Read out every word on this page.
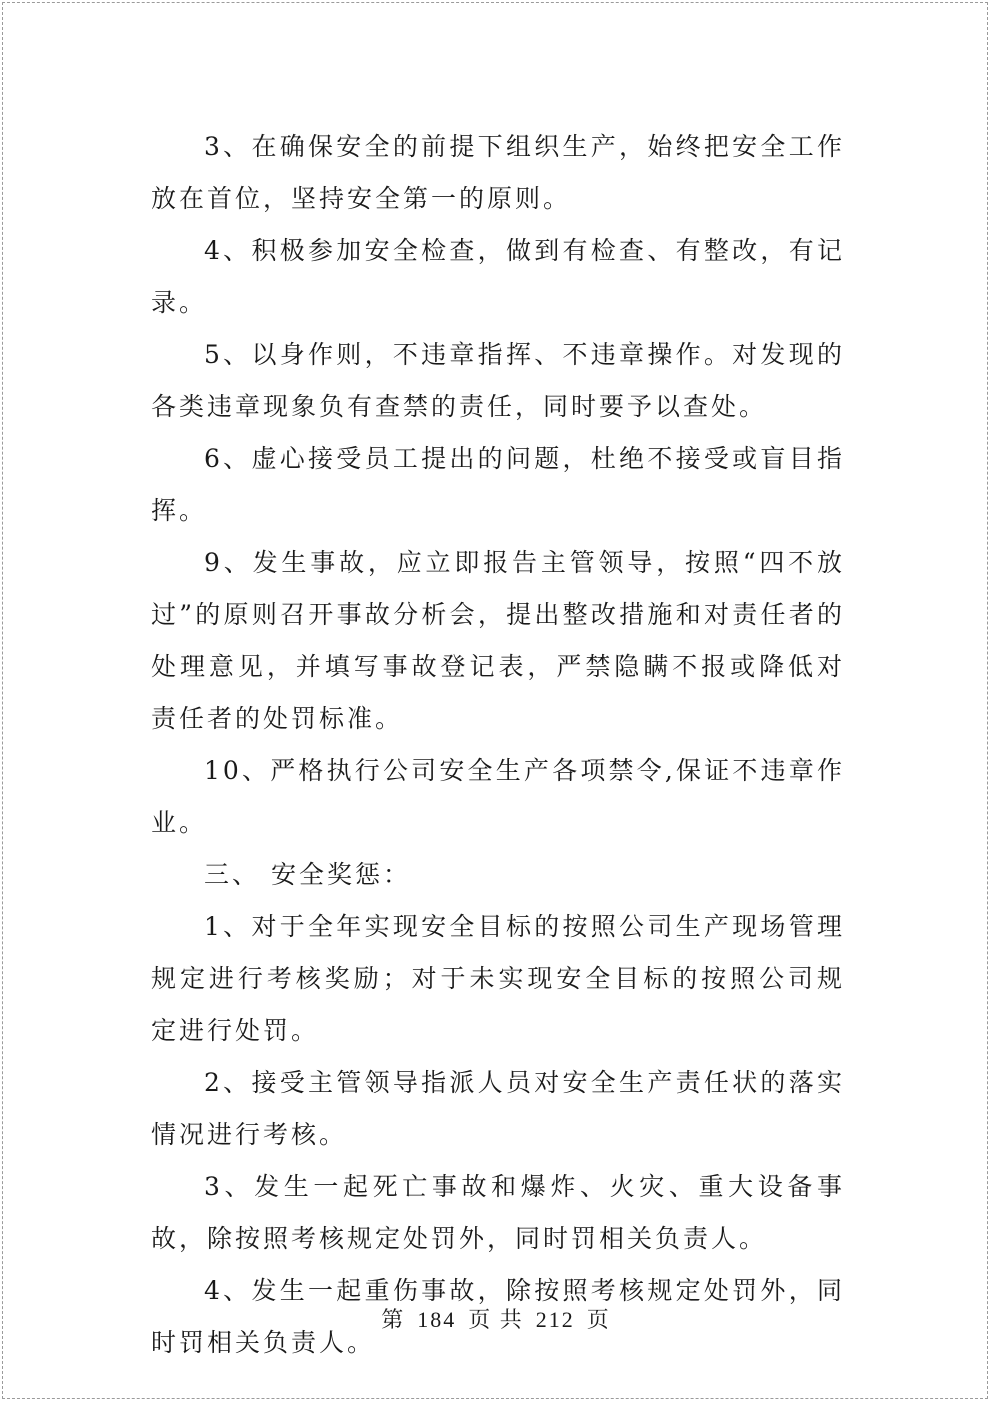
3、在确保安全的前提下组织生产，始终把安全工作放在首位，坚持安全第一的原则。

4、积极参加安全检查，做到有检查、有整改，有记录。

5、以身作则，不违章指挥、不违章操作。对发现的各类违章现象负有查禁的责任，同时要予以查处。

6、虚心接受员工提出的问题，杜绝不接受或盲目指挥。

9、发生事故，应立即报告主管领导，按照“四不放过”的原则召开事故分析会，提出整改措施和对责任者的处理意见，并填写事故登记表，严禁隐瞒不报或降低对责任者的处罚标准。

10、严格执行公司安全生产各项禁令,保证不违章作业。

三、 安全奖惩：

1、对于全年实现安全目标的按照公司生产现场管理规定进行考核奖励；对于未实现安全目标的按照公司规定进行处罚。

2、接受主管领导指派人员对安全生产责任状的落实情况进行考核。

3、发生一起死亡事故和爆炸、火灾、重大设备事故，除按照考核规定处罚外，同时罚相关负责人。

4、发生一起重伤事故，除按照考核规定处罚外，同时罚相关负责人。

第 184 页 共 212 页
